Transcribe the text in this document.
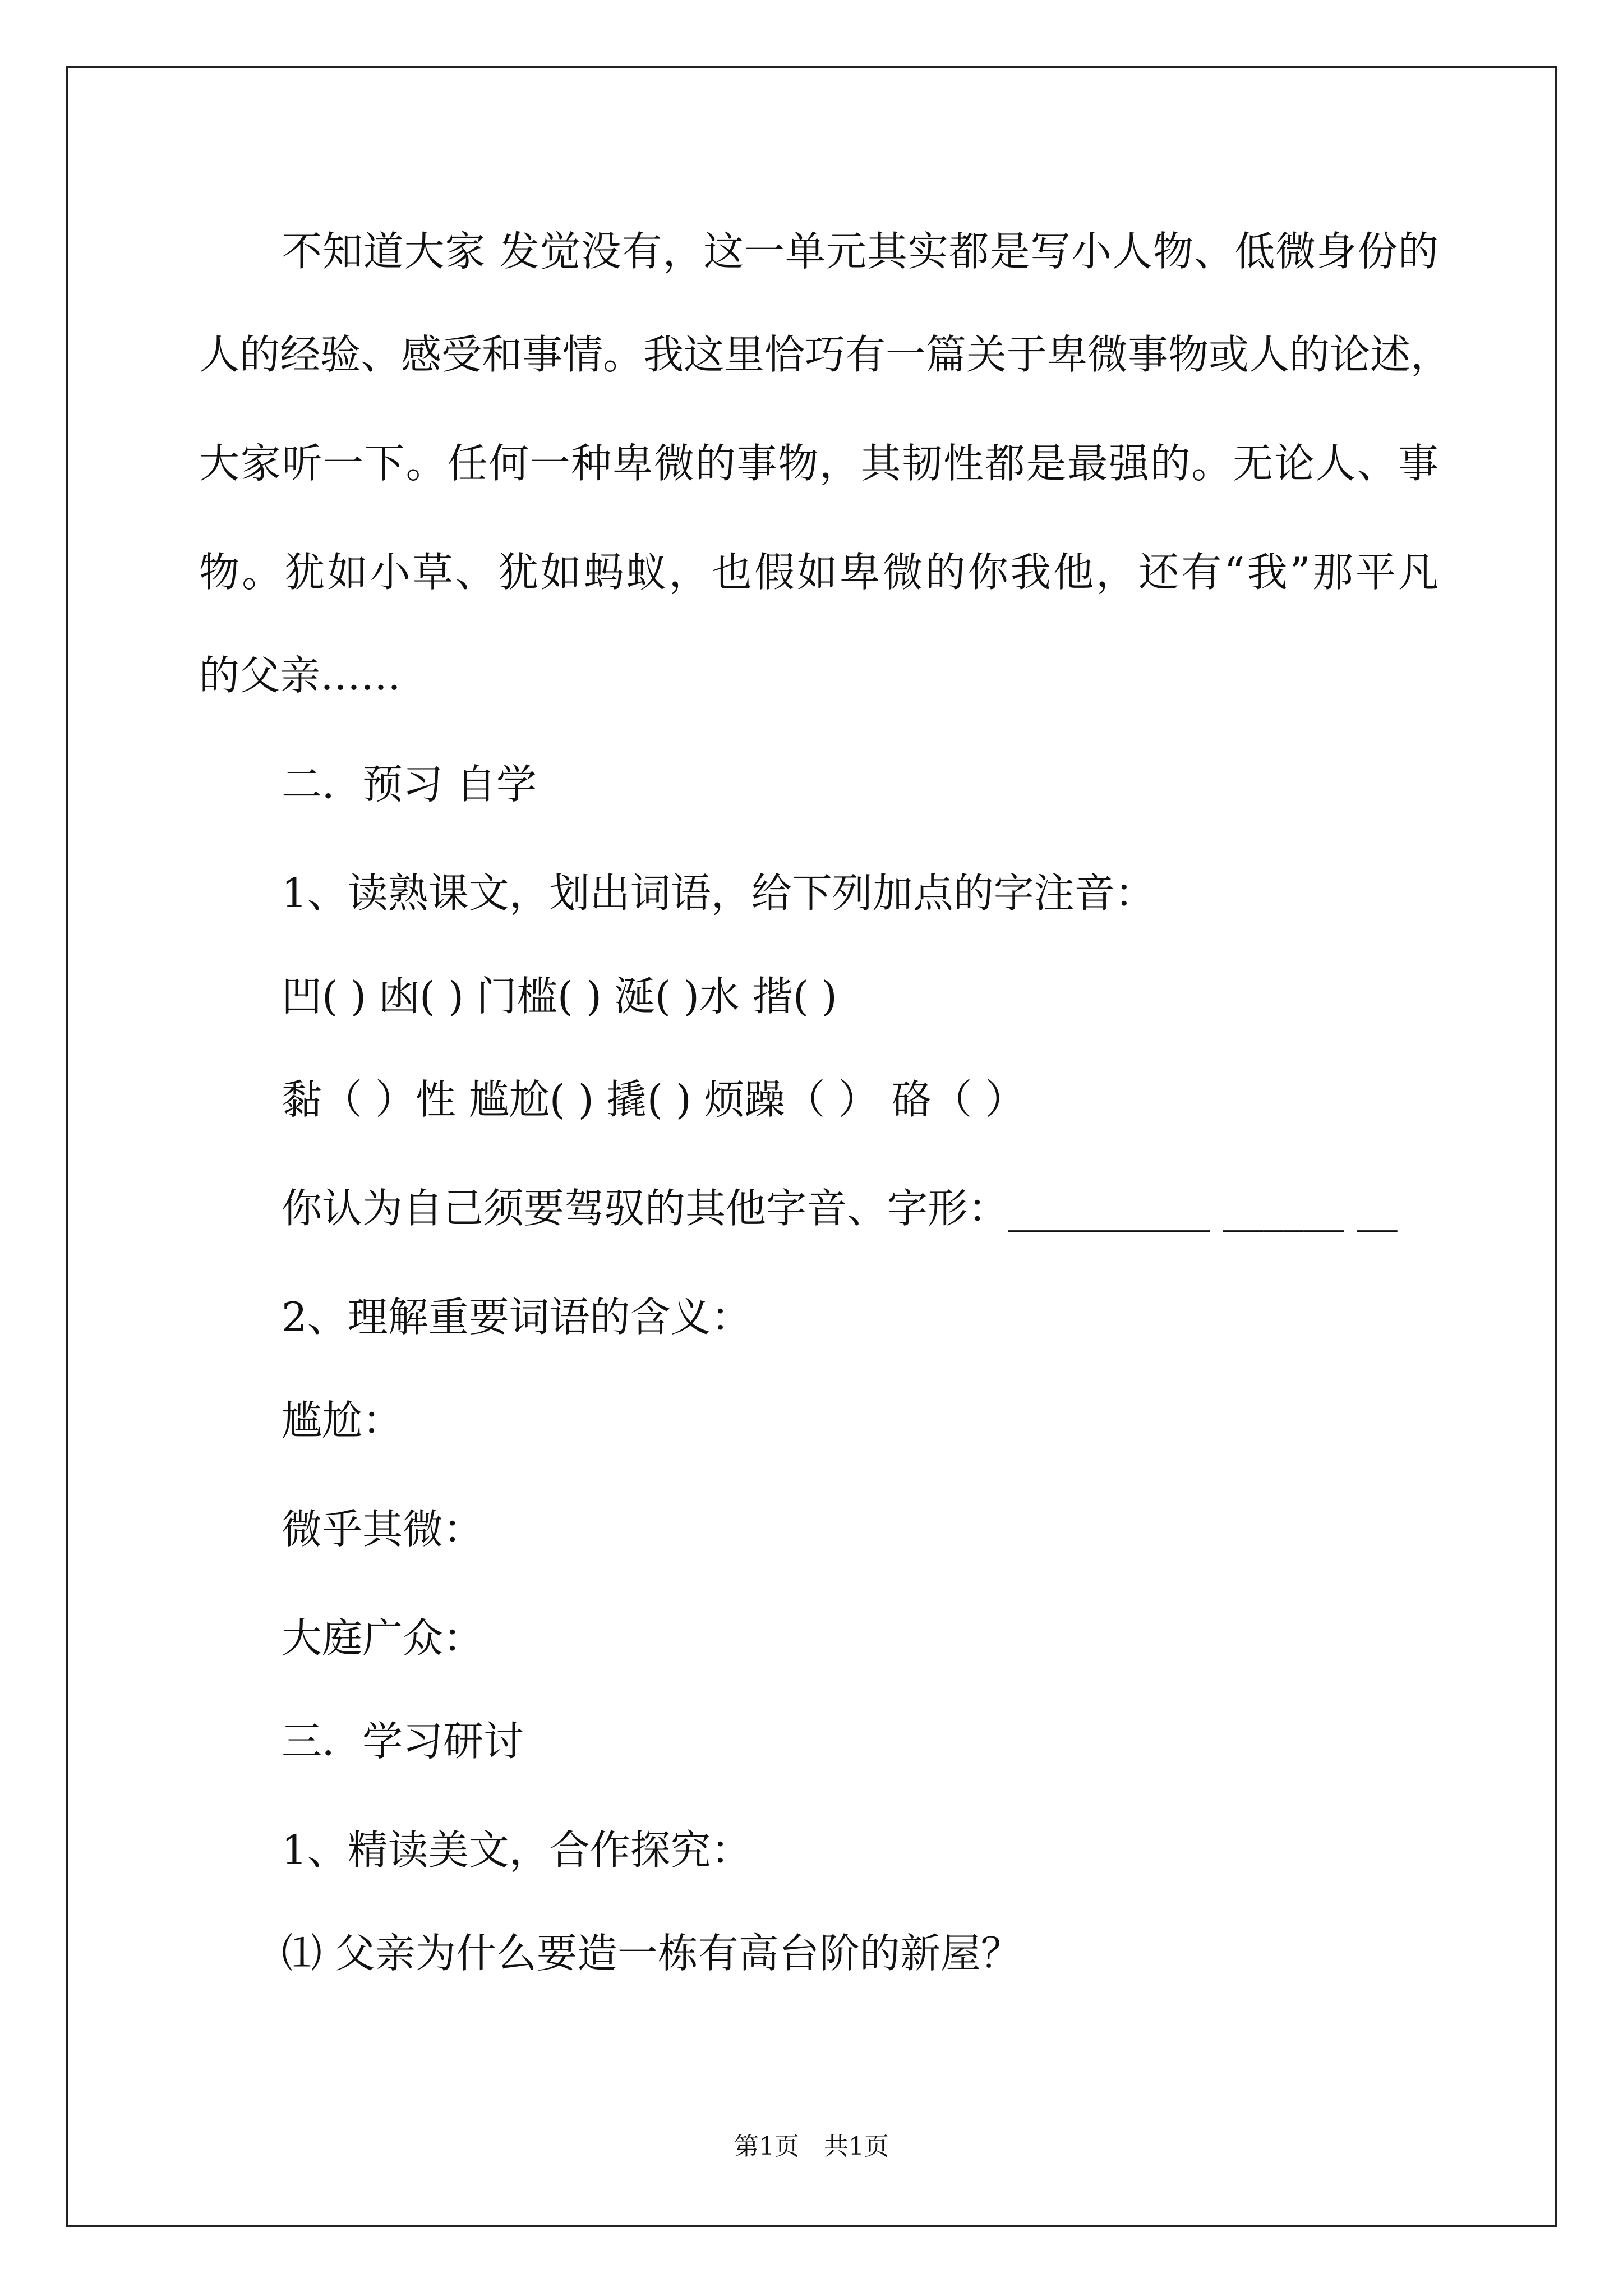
不知道大家 发觉没有，这一单元其实都是写小人物、低微身份的
人的经验、感受和事情。我这里恰巧有一篇关于卑微事物或人的论述，
大家听一下。任何一种卑微的事物，其韧性都是最强的。无论人、事
物。犹如小草、犹如蚂蚁，也假如卑微的你我他，还有“我”那平凡
的父亲……
二．预习 自学
1、读熟课文，划出词语，给下列加点的字注音：
凹( ) 凼( ) 门槛( ) 涎( )水 揩( )
黏（ ）性 尴尬( ) 撬( ) 烦躁（ ） 硌（ ）
你认为自己须要驾驭的其他字音、字形：__________ ______ __
2、理解重要词语的含义：
尴尬：
微乎其微：
大庭广众：
三．学习研讨
1、精读美文，合作探究：
⑴ 父亲为什么要造一栋有高台阶的新屋？
第1页　共1页
